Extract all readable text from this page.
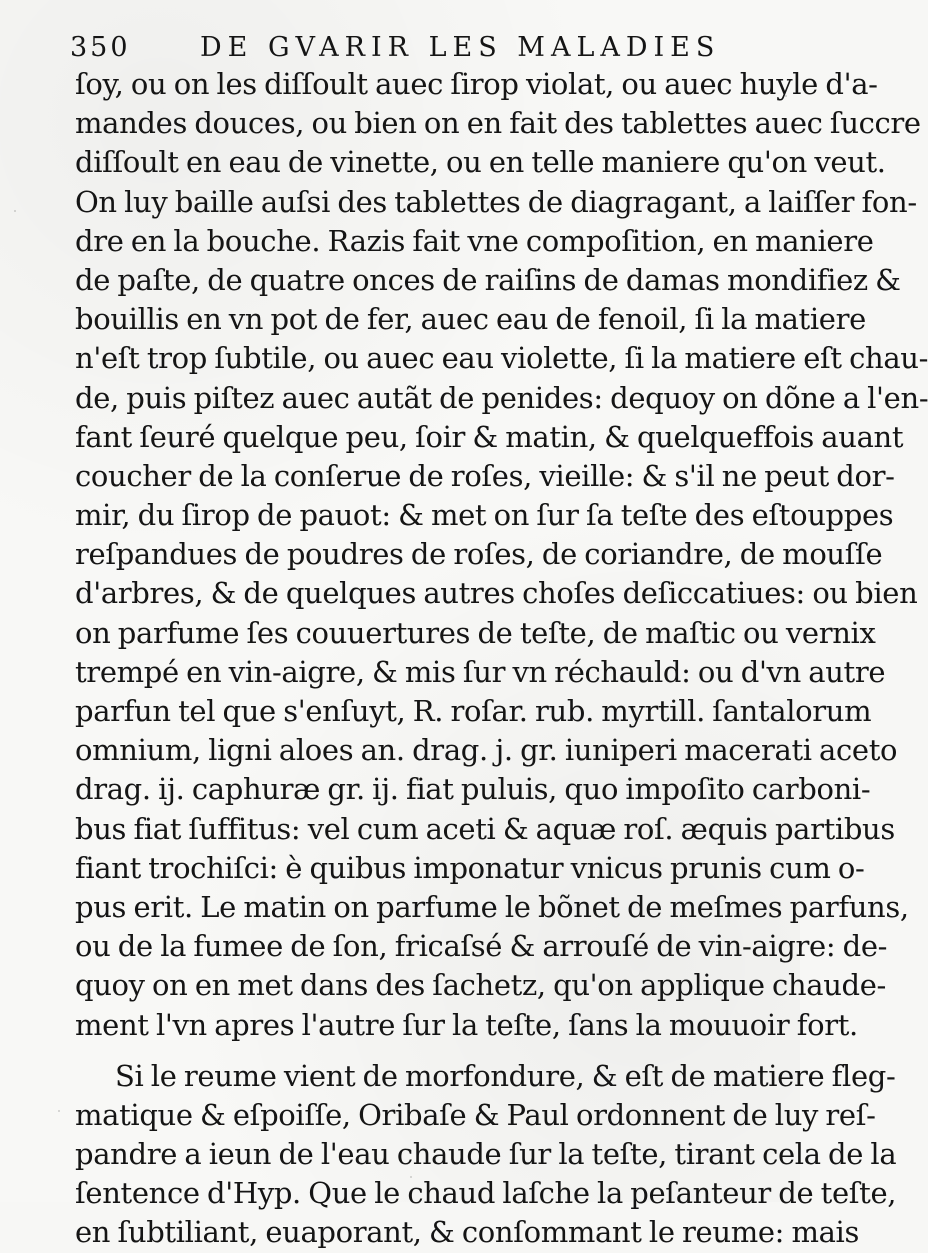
350	DE GVARIR LES MALADIES
ſoy, ou on les diſſoult auec ſirop violat, ou auec huyle d'a-
mandes douces, ou bien on en fait des tablettes auec ſuccre
diſſoult en eau de vinette, ou en telle maniere qu'on veut.
On luy baille auſsi des tablettes de diagragant, a laiſſer fon-
dre en la bouche. Razis fait vne compoſition, en maniere
de paſte, de quatre onces de raiſins de damas mondifiez &
bouillis en vn pot de fer, auec eau de fenoil, ſi la matiere
n'eſt trop ſubtile, ou auec eau violette, ſi la matiere eſt chau-
de, puis piſtez auec autãt de penides: dequoy on dõne a l'en-
fant ſeuré quelque peu, ſoir & matin, & quelqueffois auant
coucher de la conſerue de roſes, vieille: & s'il ne peut dor-
mir, du ſirop de pauot: & met on ſur ſa teſte des eſtouppes
reſpandues de poudres de roſes, de coriandre, de mouſſe
d'arbres, & de quelques autres choſes deſiccatiues: ou bien
on parfume ſes couuertures de teſte, de maſtic ou vernix
trempé en vin-aigre, & mis ſur vn réchauld: ou d'vn autre
parfun tel que s'enſuyt, R. roſar. rub. myrtill. ſantalorum
omnium, ligni aloes an. drag. j. gr. iuniperi macerati aceto
drag. ij. caphuræ gr. ij. fiat puluis, quo impoſito carboni-
bus fiat ſuffitus: vel cum aceti & aquæ roſ. æquis partibus
fiant trochiſci: è quibus imponatur vnicus prunis cum o-
pus erit. Le matin on parfume le bõnet de meſmes parfuns,
ou de la fumee de ſon, fricaſsé & arrouſé de vin-aigre: de-
quoy on en met dans des ſachetz, qu'on applique chaude-
ment l'vn apres l'autre ſur la teſte, ſans la mouuoir fort.
Si le reume vient de morfondure, & eſt de matiere fleg-
matique & eſpoiſſe, Oribaſe & Paul ordonnent de luy reſ-
pandre a ieun de l'eau chaude ſur la teſte, tirant cela de la
ſentence d'Hyp. Que le chaud laſche la peſanteur de teſte,
en ſubtiliant, euaporant, & conſommant le reume: mais
